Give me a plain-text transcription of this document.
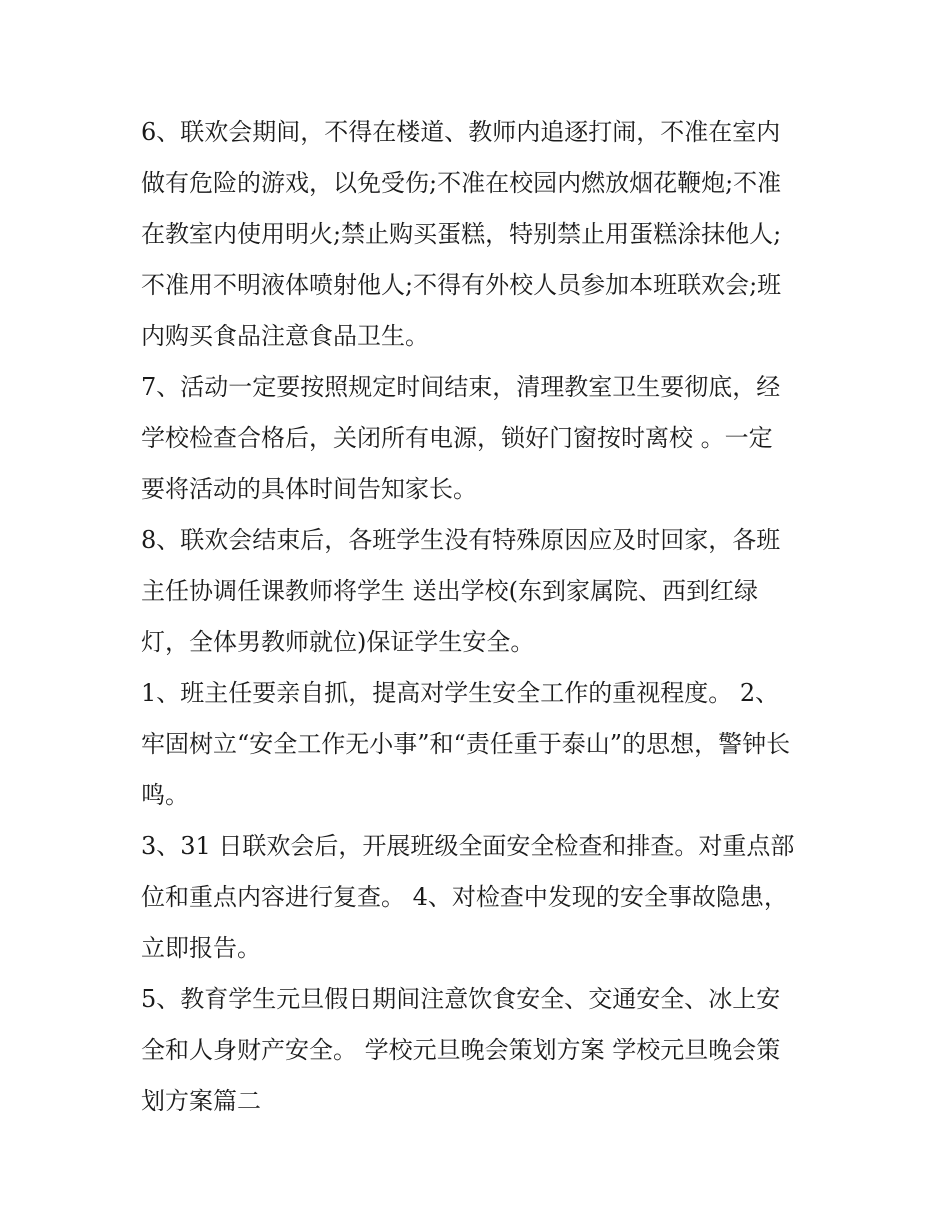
6、联欢会期间，不得在楼道、教师内追逐打闹，不准在室内
做有危险的游戏，以免受伤;不准在校园内燃放烟花鞭炮;不准
在教室内使用明火;禁止购买蛋糕，特别禁止用蛋糕涂抹他人;
不准用不明液体喷射他人;不得有外校人员参加本班联欢会;班
内购买食品注意食品卫生。

7、活动一定要按照规定时间结束，清理教室卫生要彻底，经
学校检查合格后，关闭所有电源，锁好门窗按时离校 。一定
要将活动的具体时间告知家长。

8、联欢会结束后，各班学生没有特殊原因应及时回家，各班
主任协调任课教师将学生 送出学校(东到家属院、西到红绿
灯，全体男教师就位)保证学生安全。

1、班主任要亲自抓，提高对学生安全工作的重视程度。 2、
牢固树立“安全工作无小事”和“责任重于泰山”的思想，警钟长
鸣。

3、31 日联欢会后，开展班级全面安全检查和排查。对重点部
位和重点内容进行复查。 4、对检查中发现的安全事故隐患，
立即报告。

5、教育学生元旦假日期间注意饮食安全、交通安全、冰上安
全和人身财产安全。 学校元旦晚会策划方案 学校元旦晚会策
划方案篇二
